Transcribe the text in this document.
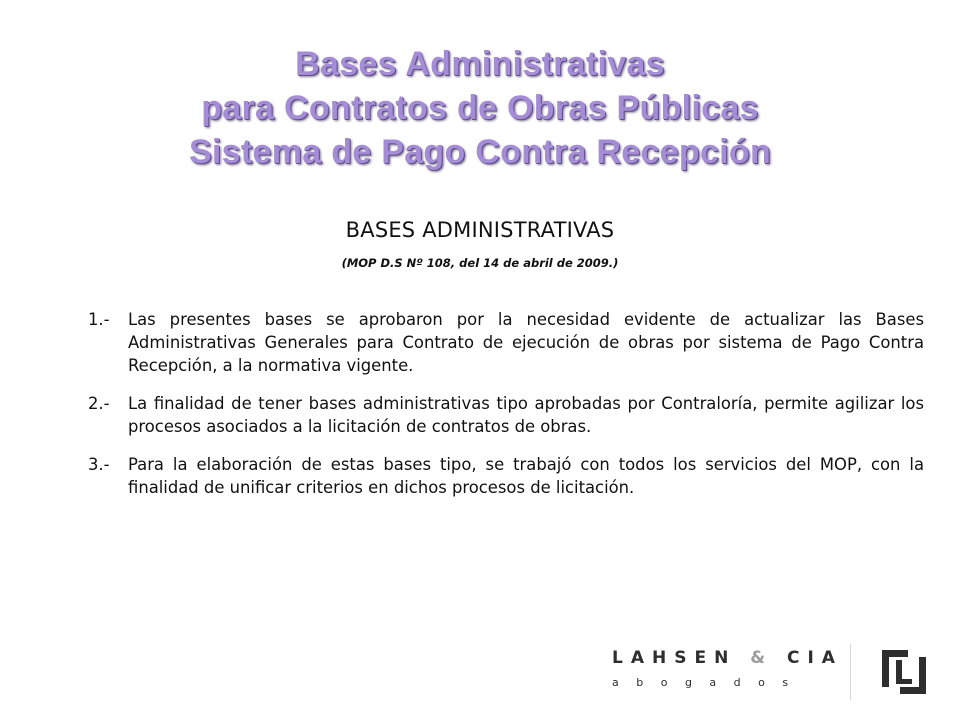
Bases Administrativas
para Contratos de Obras Públicas
Sistema de Pago Contra Recepción
BASES ADMINISTRATIVAS
(MOP D.S Nº 108, del 14 de abril de 2009.)
1.-	Las presentes bases se aprobaron por la necesidad evidente de actualizar las Bases Administrativas Generales para Contrato de ejecución de obras por sistema de Pago Contra Recepción, a la normativa vigente.
2.-	La finalidad de tener bases administrativas tipo aprobadas por Contraloría, permite agilizar los procesos asociados a la licitación de contratos de obras.
3.-	Para la elaboración de estas bases tipo, se trabajó con todos los servicios del MOP, con la finalidad de unificar criterios en dichos procesos de licitación.
LAHSEN & CIA
abogados
